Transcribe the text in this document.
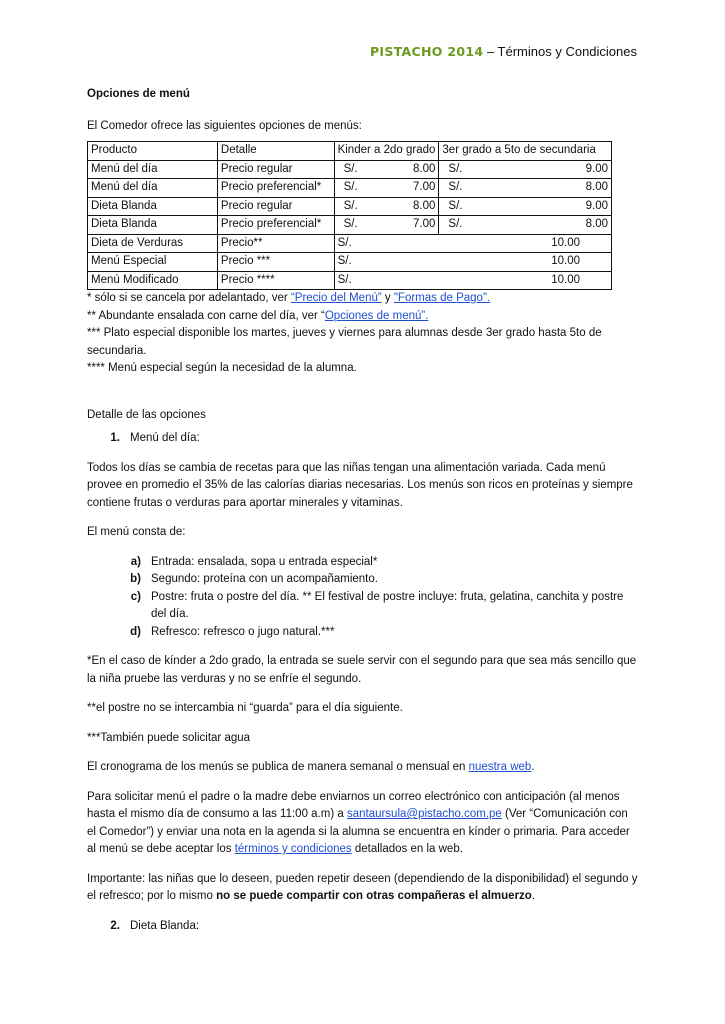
PISTACHO 2014 – Términos y Condiciones

Opciones de menú

El Comedor ofrece las siguientes opciones de menús:

Producto	Detalle	Kinder a 2do grado	3er grado a 5to de secundaria
Menú del día	Precio regular	S/. 8.00	S/. 9.00

Menú del día	Precio preferencial*	S/. 7.00	S/. 8.00

Dieta Blanda	Precio regular	S/. 8.00	S/. 9.00

Dieta Blanda	Precio preferencial*	S/. 7.00	S/. 8.00

Dieta de Verduras	Precio**	S/. 10.00	

Menú Especial	Precio ***	S/. 10.00	

Menú Modificado	Precio ****	S/. 10.00	

* sólo si se cancela por adelantado, ver “Precio del Menú” y "Formas de Pago".

** Abundante ensalada con carne del día, ver “Opciones de menú”.

*** Plato especial disponible los martes, jueves y viernes para alumnas desde 3er grado hasta 5to de secundaria.

**** Menú especial según la necesidad de la alumna.

Detalle de las opciones

1. Menú del día:

Todos los días se cambia de recetas para que las niñas tengan una alimentación variada. Cada menú provee en promedio el 35% de las calorías diarias necesarias. Los menús son ricos en proteínas y siempre contiene frutas o verduras para aportar minerales y vitaminas.

El menú consta de:

a) Entrada: ensalada, sopa u entrada especial*
b) Segundo: proteína con un acompañamiento.
c) Postre: fruta o postre del día. ** El festival de postre incluye: fruta, gelatina, canchita y postre del día.
d) Refresco: refresco o jugo natural.***

*En el caso de kínder a 2do grado, la entrada se suele servir con el segundo para que sea más sencillo que la niña pruebe las verduras y no se enfríe el segundo.

**el postre no se intercambia ni “guarda” para el día siguiente.

***También puede solicitar agua

El cronograma de los menús se publica de manera semanal o mensual en nuestra web.

Para solicitar menú el padre o la madre debe enviarnos un correo electrónico con anticipación (al menos hasta el mismo día de consumo a las 11:00 a.m) a santaursula@pistacho.com.pe (Ver “Comunicación con el Comedor”) y enviar una nota en la agenda si la alumna se encuentra en kínder o primaria. Para acceder al menú se debe aceptar los términos y condiciones detallados en la web.

Importante: las niñas que lo deseen, pueden repetir deseen (dependiendo de la disponibilidad) el segundo y el refresco; por lo mismo no se puede compartir con otras compañeras el almuerzo.

2. Dieta Blanda:
